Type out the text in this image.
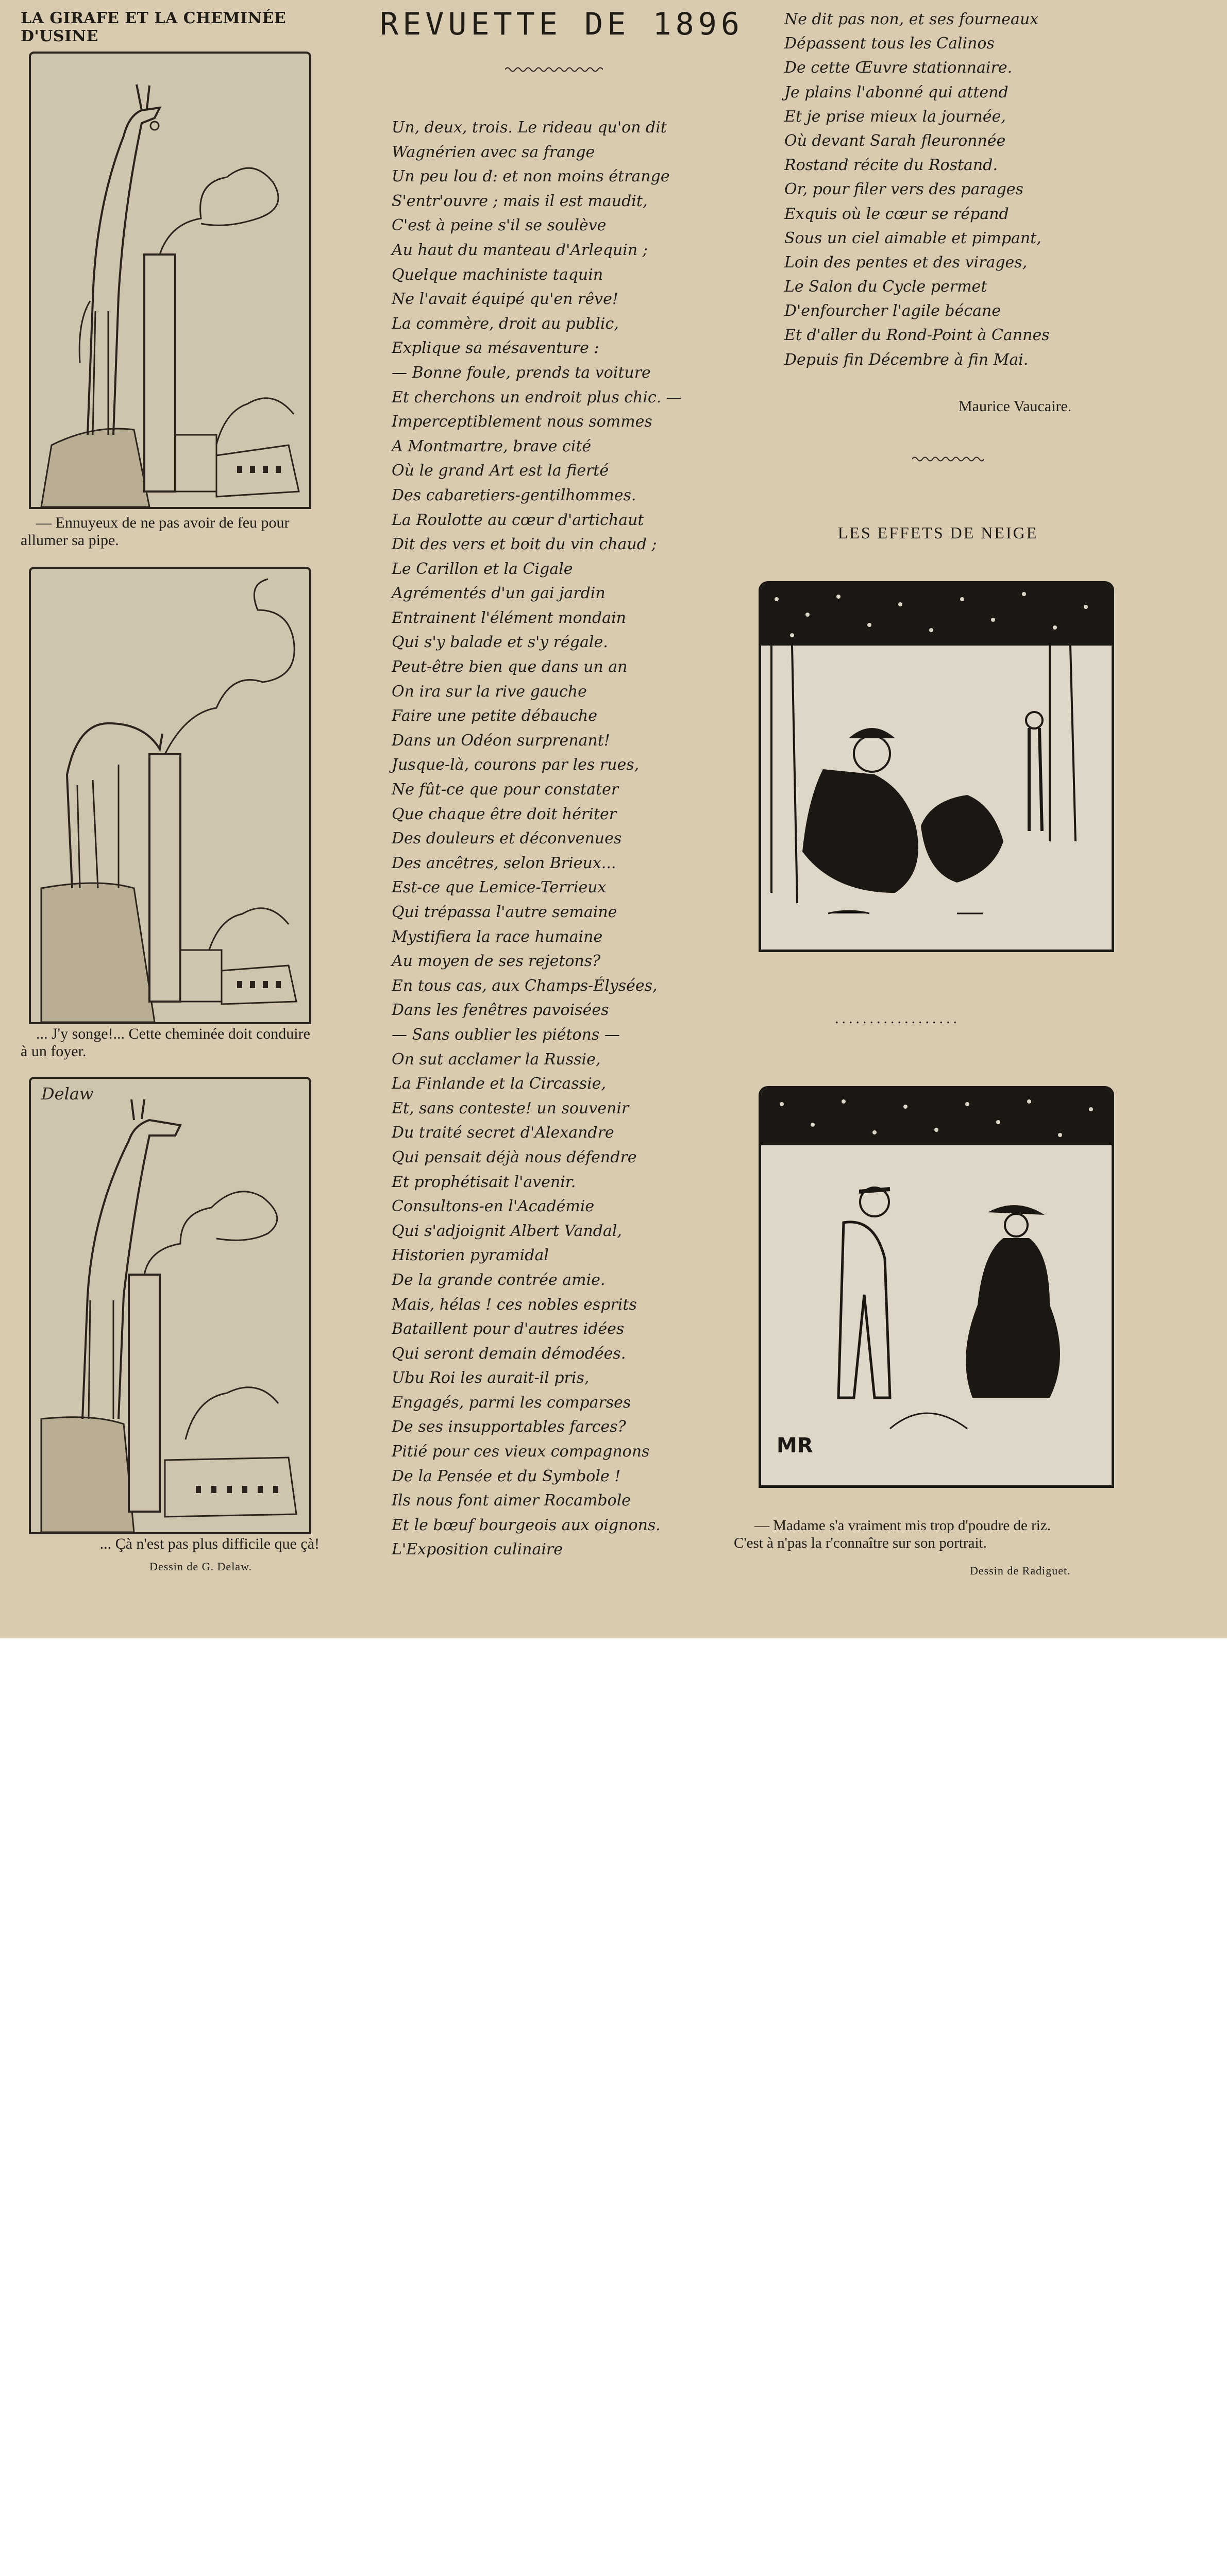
LA GIRAFE ET LA CHEMINÉE D'USINE
— Ennuyeux de ne pas avoir de feu pour allumer sa pipe.
... J'y songe!... Cette cheminée doit conduire à un foyer.
Delaw
... Çà n'est pas plus difficile que çà!
Dessin de G. Delaw.
REVUETTE DE 1896
Un, deux, trois. Le rideau qu'on dit
Wagnérien avec sa frange
Un peu lou d: et non moins étrange
S'entr'ouvre ; mais il est maudit,
C'est à peine s'il se soulève
Au haut du manteau d'Arlequin ;
Quelque machiniste taquin
Ne l'avait équipé qu'en rêve!
La commère, droit au public,
Explique sa mésaventure :
— Bonne foule, prends ta voiture
Et cherchons un endroit plus chic. —
Imperceptiblement nous sommes
A Montmartre, brave cité
Où le grand Art est la fierté
Des cabaretiers-gentilhommes.
La Roulotte au cœur d'artichaut
Dit des vers et boit du vin chaud ;
Le Carillon et la Cigale
Agrémentés d'un gai jardin
Entrainent l'élément mondain
Qui s'y balade et s'y régale.
Peut-être bien que dans un an
On ira sur la rive gauche
Faire une petite débauche
Dans un Odéon surprenant!
Jusque-là, courons par les rues,
Ne fût-ce que pour constater
Que chaque être doit hériter
Des douleurs et déconvenues
Des ancêtres, selon Brieux...
Est-ce que Lemice-Terrieux
Qui trépassa l'autre semaine
Mystifiera la race humaine
Au moyen de ses rejetons?
En tous cas, aux Champs-Élysées,
Dans les fenêtres pavoisées
— Sans oublier les piétons —
On sut acclamer la Russie,
La Finlande et la Circassie,
Et, sans conteste! un souvenir
Du traité secret d'Alexandre
Qui pensait déjà nous défendre
Et prophétisait l'avenir.
Consultons-en l'Académie
Qui s'adjoignit Albert Vandal,
Historien pyramidal
De la grande contrée amie.
Mais, hélas ! ces nobles esprits
Bataillent pour d'autres idées
Qui seront demain démodées.
Ubu Roi les aurait-il pris,
Engagés, parmi les comparses
De ses insupportables farces?
Pitié pour ces vieux compagnons
De la Pensée et du Symbole !
Ils nous font aimer Rocambole
Et le bœuf bourgeois aux oignons.
L'Exposition culinaire
Ne dit pas non, et ses fourneaux
Dépassent tous les Calinos
De cette Œuvre stationnaire.
Je plains l'abonné qui attend
Et je prise mieux la journée,
Où devant Sarah fleuronnée
Rostand récite du Rostand.
Or, pour filer vers des parages
Exquis où le cœur se répand
Sous un ciel aimable et pimpant,
Loin des pentes et des virages,
Le Salon du Cycle permet
D'enfourcher l'agile bécane
Et d'aller du Rond-Point à Cannes
Depuis fin Décembre à fin Mai.
Maurice Vaucaire.
LES EFFETS DE NEIGE
..................
MR
— Madame s'a vraiment mis trop d'poudre de riz.
C'est à n'pas la r'connaître sur son portrait.
Dessin de Radiguet.
